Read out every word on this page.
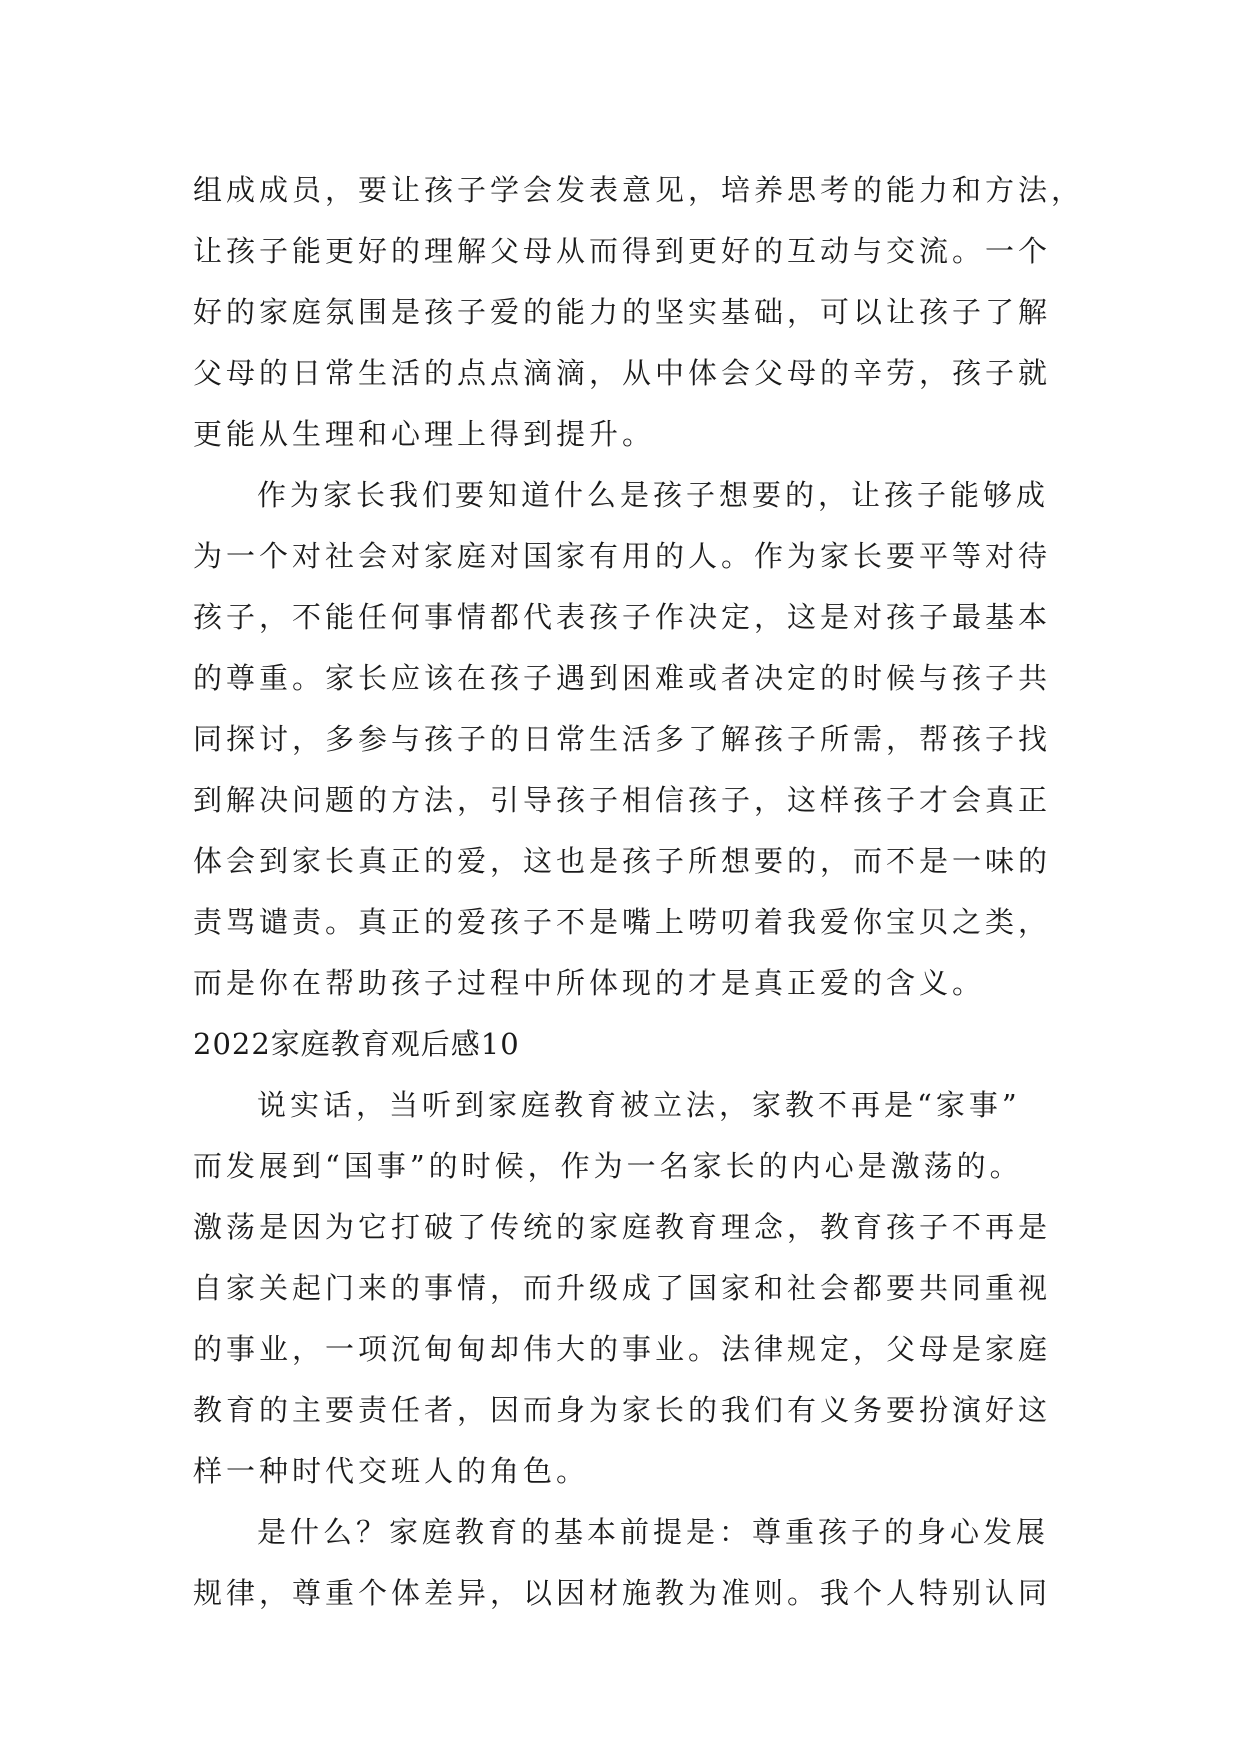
组成成员，要让孩子学会发表意见，培养思考的能力和方法，
让孩子能更好的理解父母从而得到更好的互动与交流。一个
好的家庭氛围是孩子爱的能力的坚实基础，可以让孩子了解
父母的日常生活的点点滴滴，从中体会父母的辛劳，孩子就
更能从生理和心理上得到提升。
作为家长我们要知道什么是孩子想要的，让孩子能够成
为一个对社会对家庭对国家有用的人。作为家长要平等对待
孩子，不能任何事情都代表孩子作决定，这是对孩子最基本
的尊重。家长应该在孩子遇到困难或者决定的时候与孩子共
同探讨，多参与孩子的日常生活多了解孩子所需，帮孩子找
到解决问题的方法，引导孩子相信孩子，这样孩子才会真正
体会到家长真正的爱，这也是孩子所想要的，而不是一味的
责骂谴责。真正的爱孩子不是嘴上唠叨着我爱你宝贝之类，
而是你在帮助孩子过程中所体现的才是真正爱的含义。
2022家庭教育观后感10
说实话，当听到家庭教育被立法，家教不再是“家事”
而发展到“国事”的时候，作为一名家长的内心是激荡的。
激荡是因为它打破了传统的家庭教育理念，教育孩子不再是
自家关起门来的事情，而升级成了国家和社会都要共同重视
的事业，一项沉甸甸却伟大的事业。法律规定，父母是家庭
教育的主要责任者，因而身为家长的我们有义务要扮演好这
样一种时代交班人的角色。
是什么？家庭教育的基本前提是：尊重孩子的身心发展
规律，尊重个体差异，以因材施教为准则。我个人特别认同
